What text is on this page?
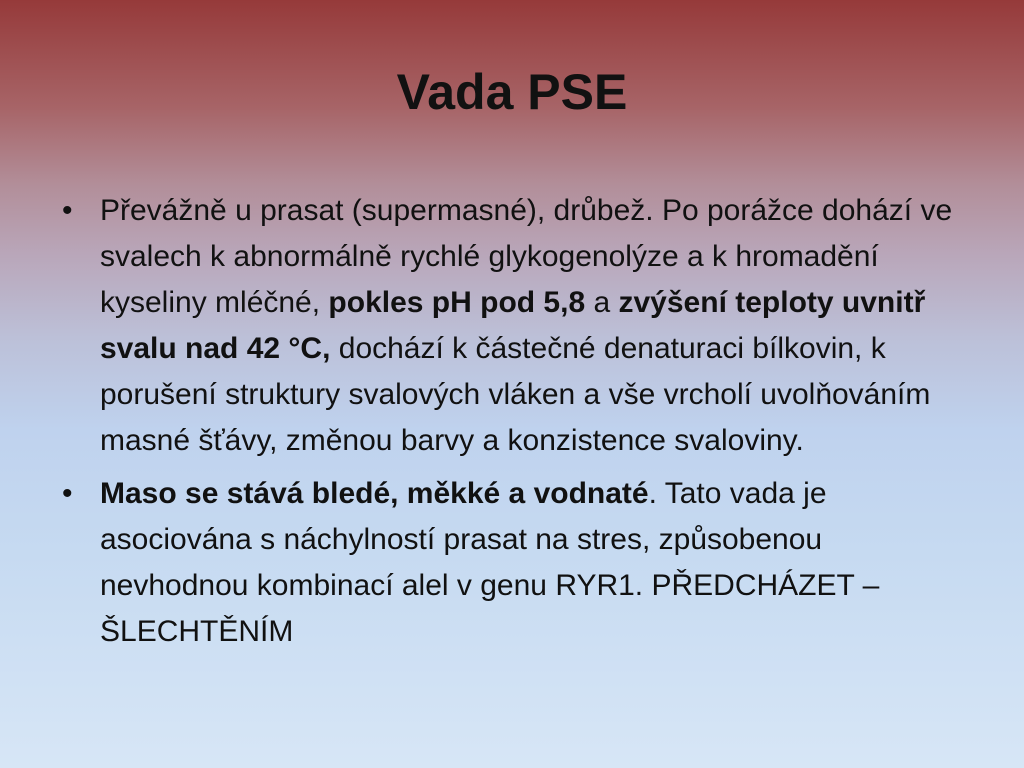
Vada PSE
• Převážně u prasat (supermasné), drůbež. Po porážce dohází ve svalech k abnormálně rychlé glykogenolýze a k hromadění kyseliny mléčné, pokles pH pod 5,8 a zvýšení teploty uvnitř svalu nad 42 °C, dochází k částečné denaturaci bílkovin, k porušení struktury svalových vláken a vše vrcholí uvolňováním masné šťávy, změnou barvy a konzistence svaloviny.
• Maso se stává bledé, měkké a vodnaté. Tato vada je asociována s náchylností prasat na stres, způsobenou nevhodnou kombinací alel v genu RYR1. PŘEDCHÁZET – ŠLECHTĚNÍM
